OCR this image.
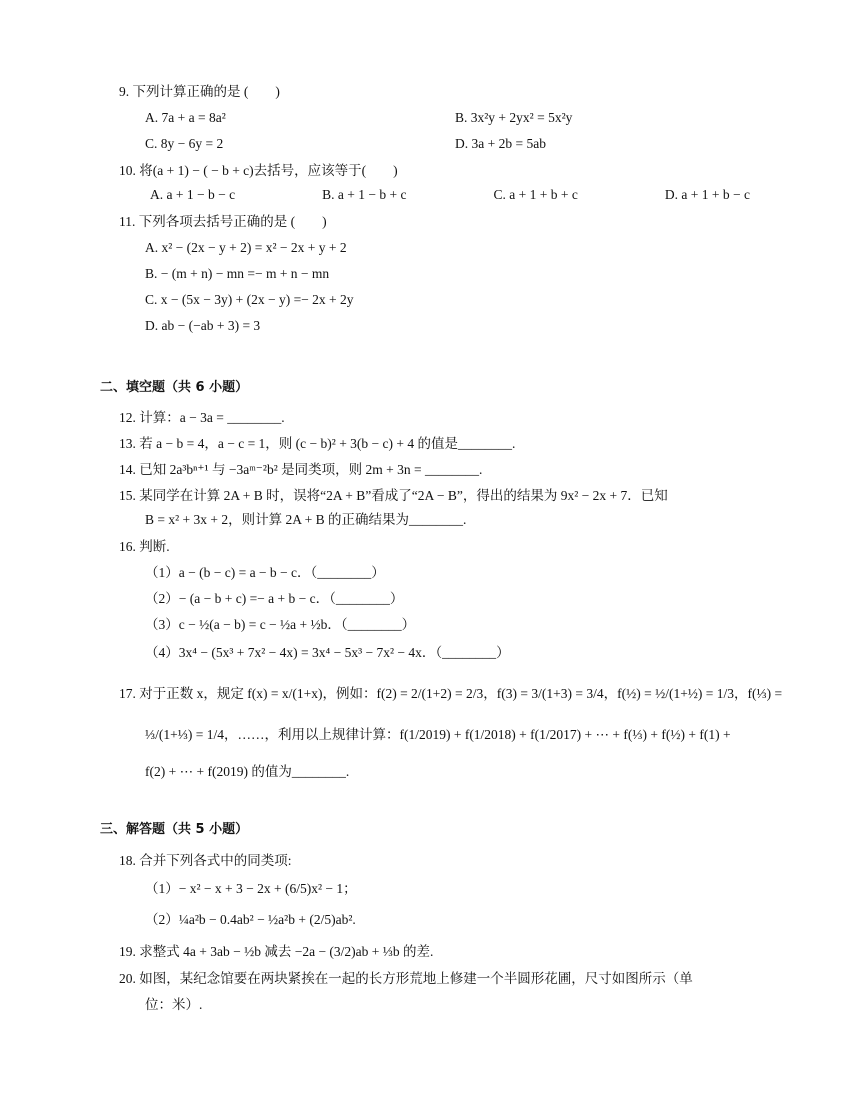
9. 下列计算正确的是 (　　)
A. 7a + a = 8a²	B. 3x²y + 2yx² = 5x²y
C. 8y − 6y = 2	D. 3a + 2b = 5ab
10. 将(a + 1) − ( − b + c)去括号，应该等于(　　)
A. a + 1 − b − c	B. a + 1 − b + c	C. a + 1 + b + c	D. a + 1 + b − c
11. 下列各项去括号正确的是 (　　)
A. x² − (2x − y + 2) = x² − 2x + y + 2
B. − (m + n) − mn =− m + n − mn
C. x − (5x − 3y) + (2x − y) =− 2x + 2y
D. ab − (−ab + 3) = 3
二、填空题（共 6 小题）
12. 计算：a − 3a = ________.
13. 若 a − b = 4，a − c = 1，则 (c − b)² + 3(b − c) + 4 的值是________.
14. 已知 2a³bⁿ⁺¹ 与 −3aᵐ⁻²b² 是同类项，则 2m + 3n = ________.
15. 某同学在计算 2A + B 时，误将“2A + B”看成了“2A − B”，得出的结果为 9x² − 2x + 7．已知
B = x² + 3x + 2，则计算 2A + B 的正确结果为________.
16. 判断.
（1）a − (b − c) = a − b − c．（________）
（2）− (a − b + c) =− a + b − c．（________）
（3）c − ½(a − b) = c − ½a + ½b．（________）
（4）3x⁴ − (5x³ + 7x² − 4x) = 3x⁴ − 5x³ − 7x² − 4x．（________）
17. 对于正数 x，规定 f(x) = x/(1+x)，例如：f(2) = 2/(1+2) = 2/3，f(3) = 3/(1+3) = 3/4，f(½) = ½/(1+½) = 1/3，f(⅓) =
⅓/(1+⅓) = 1/4，……，利用以上规律计算：f(1/2019) + f(1/2018) + f(1/2017) + ⋯ + f(⅓) + f(½) + f(1) +
f(2) + ⋯ + f(2019) 的值为________.
三、解答题（共 5 小题）
18. 合并下列各式中的同类项:
（1）− x² − x + 3 − 2x + (6/5)x² − 1；
（2）¼a²b − 0.4ab² − ½a²b + (2/5)ab².
19. 求整式 4a + 3ab − ½b 减去 −2a − (3/2)ab + ⅓b 的差.
20. 如图，某纪念馆要在两块紧挨在一起的长方形荒地上修建一个半圆形花圃，尺寸如图所示（单
位：米）.
